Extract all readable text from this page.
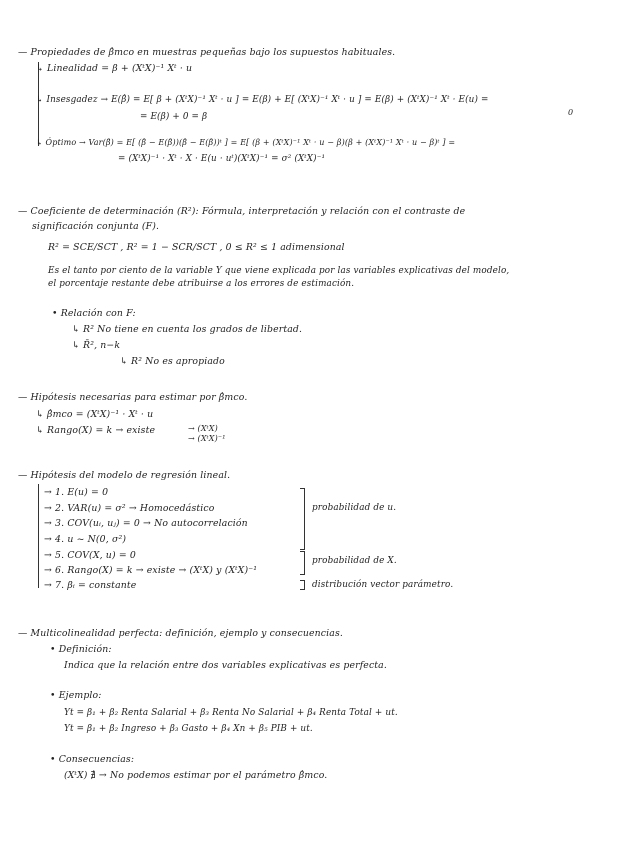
— Propiedades de β̂mco en muestras pequeñas bajo los supuestos habituales.
↳ Linealidad = β + (XᵗX)⁻¹ Xᵗ · u
↳ Insesgadez → E(β̂) = E[ β + (XᵗX)⁻¹ Xᵗ · u ] = E(β) + E[ (XᵗX)⁻¹ Xᵗ · u ] = E(β) + (XᵗX)⁻¹ Xᵗ · E(u) =
0
= E(β) + 0 = β
↳ Óptimo → Var(β̂) = E[ (β̂ − E(β̂))(β̂ − E(β̂))ᵗ ] = E[ (β + (XᵗX)⁻¹ Xᵗ · u − β)(β + (XᵗX)⁻¹ Xᵗ · u − β)ᵗ ] =
= (XᵗX)⁻¹ · Xᵗ · X · E(u · uᵗ)(XᵗX)⁻¹ = σ² (XᵗX)⁻¹
— Coeficiente de determinación (R²): Fórmula, interpretación y relación con el contraste de
significación conjunta (F).
R² = SCE/SCT , R² = 1 − SCR/SCT , 0 ≤ R² ≤ 1 adimensional
Es el tanto por ciento de la variable Y que viene explicada por las variables explicativas del modelo,
el porcentaje restante debe atribuirse a los errores de estimación.
• Relación con F:
↳ R² No tiene en cuenta los grados de libertad.
↳ R̄², n−k
↳ R² No es apropiado
— Hipótesis necesarias para estimar por β̂mco.
↳ β̂mco = (XᵗX)⁻¹ · Xᵗ · u
↳ Rango(X) = k → existe	→ (XᵗX)
→ (XᵗX)⁻¹
— Hipótesis del modelo de regresión lineal.
→ 1. E(u) = 0
→ 2. VAR(u) = σ² → Homocedástico
→ 3. COV(uᵢ, uⱼ) = 0 → No autocorrelación
→ 4. u ~ N(0, σ²)
→ 5. COV(X, u) = 0
→ 6. Rango(X) = k → existe → (XᵗX) y (XᵗX)⁻¹
→ 7. βᵢ = constante
probabilidad de u.
probabilidad de X.
distribución vector parámetro.
— Multicolinealidad perfecta: definición, ejemplo y consecuencias.
• Definición:
Indica que la relación entre dos variables explicativas es perfecta.
• Ejemplo:
Yt = β₁ + β₂ Renta Salarial + β₃ Renta No Salarial + β₄ Renta Total + ut.
Yt = β₁ + β₂ Ingreso + β₃ Gasto + β₄ Xn + β₅ PIB + ut.
• Consecuencias:
(XᵗX) ∄ → No podemos estimar por el parámetro β̂mco.
